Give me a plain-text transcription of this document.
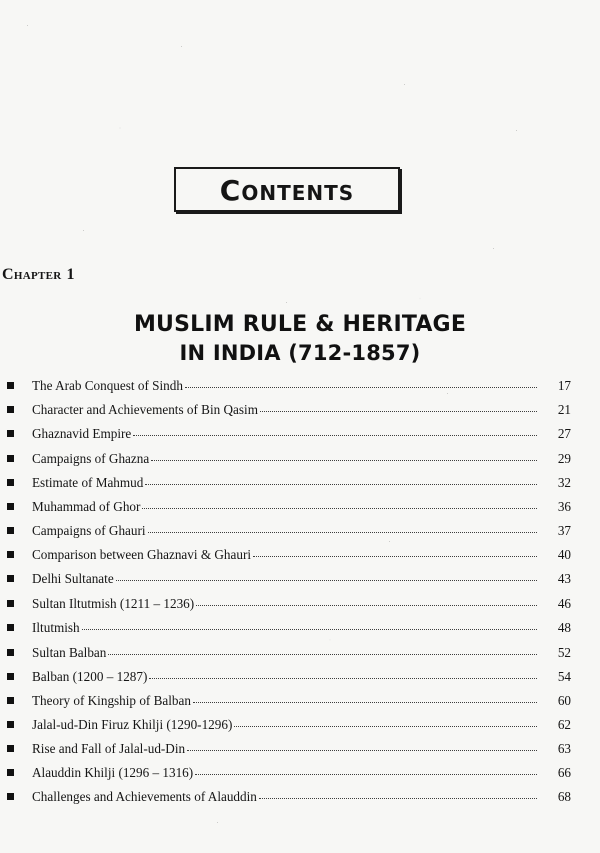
Contents
Chapter 1
MUSLIM RULE & HERITAGE
IN INDIA (712-1857)
The Arab Conquest of Sindh	17
Character and Achievements of Bin Qasim	21
Ghaznavid Empire	27
Campaigns of Ghazna	29
Estimate of Mahmud	32
Muhammad of Ghor	36
Campaigns of Ghauri	37
Comparison between Ghaznavi & Ghauri	40
Delhi Sultanate	43
Sultan Iltutmish (1211 – 1236)	46
Iltutmish	48
Sultan Balban	52
Balban (1200 – 1287)	54
Theory of Kingship of Balban	60
Jalal-ud-Din Firuz Khilji (1290-1296)	62
Rise and Fall of Jalal-ud-Din	63
Alauddin Khilji (1296 – 1316)	66
Challenges and Achievements of Alauddin	68
